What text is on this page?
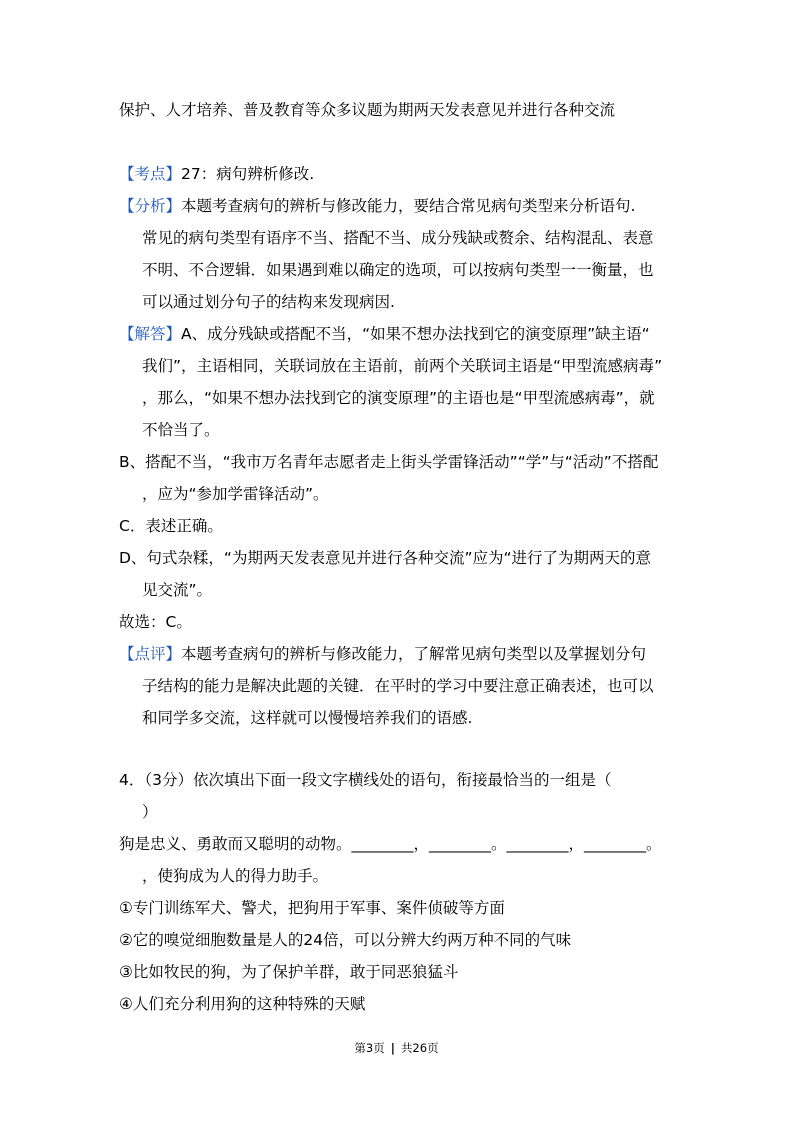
保护、人才培养、普及教育等众多议题为期两天发表意见并进行各种交流
【考点】27：病句辨析修改.
【分析】本题考查病句的辨析与修改能力，要结合常见病句类型来分析语句.
常见的病句类型有语序不当、搭配不当、成分残缺或赘余、结构混乱、表意
不明、不合逻辑．如果遇到难以确定的选项，可以按病句类型一一衡量，也
可以通过划分句子的结构来发现病因.
【解答】A、成分残缺或搭配不当，“如果不想办法找到它的演变原理”缺主语“
我们”，主语相同，关联词放在主语前，前两个关联词主语是“甲型流感病毒”
，那么，“如果不想办法找到它的演变原理”的主语也是“甲型流感病毒”，就
不恰当了。
B、搭配不当，“我市万名青年志愿者走上街头学雷锋活动”“学”与“活动”不搭配
，应为“参加学雷锋活动”。
C．表述正确。
D、句式杂糅，“为期两天发表意见并进行各种交流”应为“进行了为期两天的意
见交流”。
故选：C。
【点评】本题考查病句的辨析与修改能力，了解常见病句类型以及掌握划分句
子结构的能力是解决此题的关键．在平时的学习中要注意正确表述，也可以
和同学多交流，这样就可以慢慢培养我们的语感.
4．（3分）依次填出下面一段文字横线处的语句，衔接最恰当的一组是（
）
狗是忠义、勇敢而又聪明的动物。________，________。________，________。
，使狗成为人的得力助手。
①专门训练军犬、警犬，把狗用于军事、案件侦破等方面
②它的嗅觉细胞数量是人的24倍，可以分辨大约两万种不同的气味
③比如牧民的狗，为了保护羊群，敢于同恶狼猛斗
④人们充分利用狗的这种特殊的天赋
第3页 | 共26页
